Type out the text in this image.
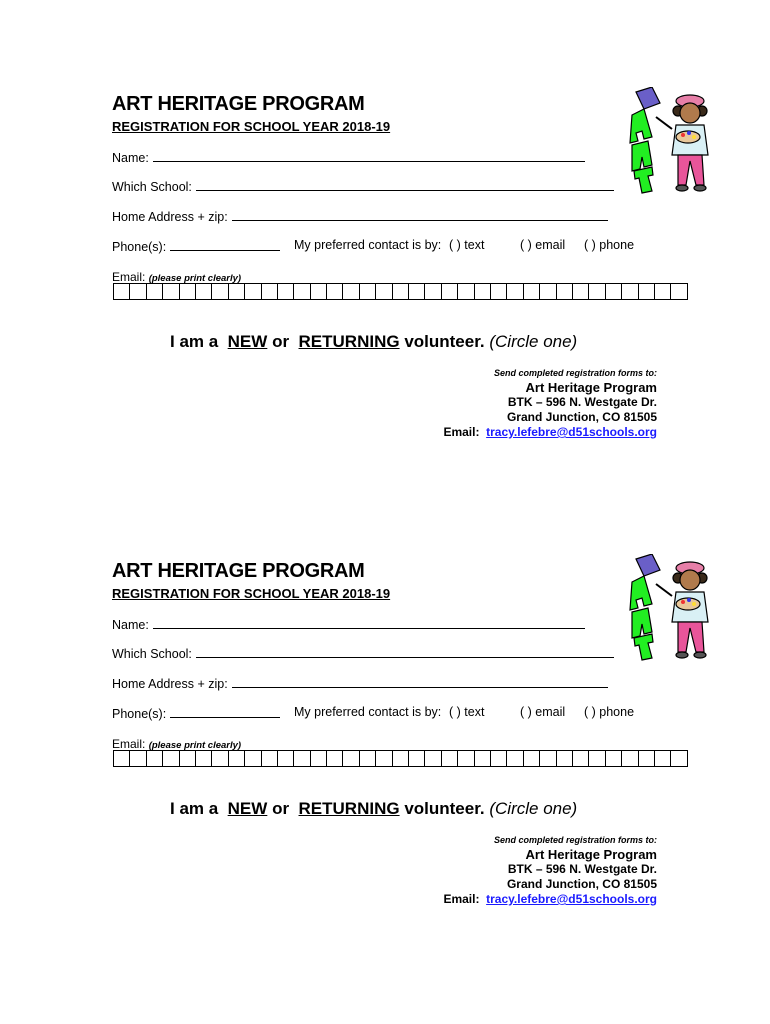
ART HERITAGE PROGRAM
REGISTRATION FOR SCHOOL YEAR 2018-19
Name:
Which School:
Home Address + zip:
Phone(s):	My preferred contact is by: ( ) text	( ) email ( ) phone
Email: (please print clearly)
I am a NEW or RETURNING volunteer. (Circle one)
Send completed registration forms to:
Art Heritage Program
BTK – 596 N. Westgate Dr.
Grand Junction, CO 81505
Email: tracy.lefebre@d51schools.org
ART HERITAGE PROGRAM
REGISTRATION FOR SCHOOL YEAR 2018-19
Name:
Which School:
Home Address + zip:
Phone(s):	My preferred contact is by: ( ) text	( ) email ( ) phone
Email: (please print clearly)
I am a NEW or RETURNING volunteer. (Circle one)
Send completed registration forms to:
Art Heritage Program
BTK – 596 N. Westgate Dr.
Grand Junction, CO 81505
Email: tracy.lefebre@d51schools.org
